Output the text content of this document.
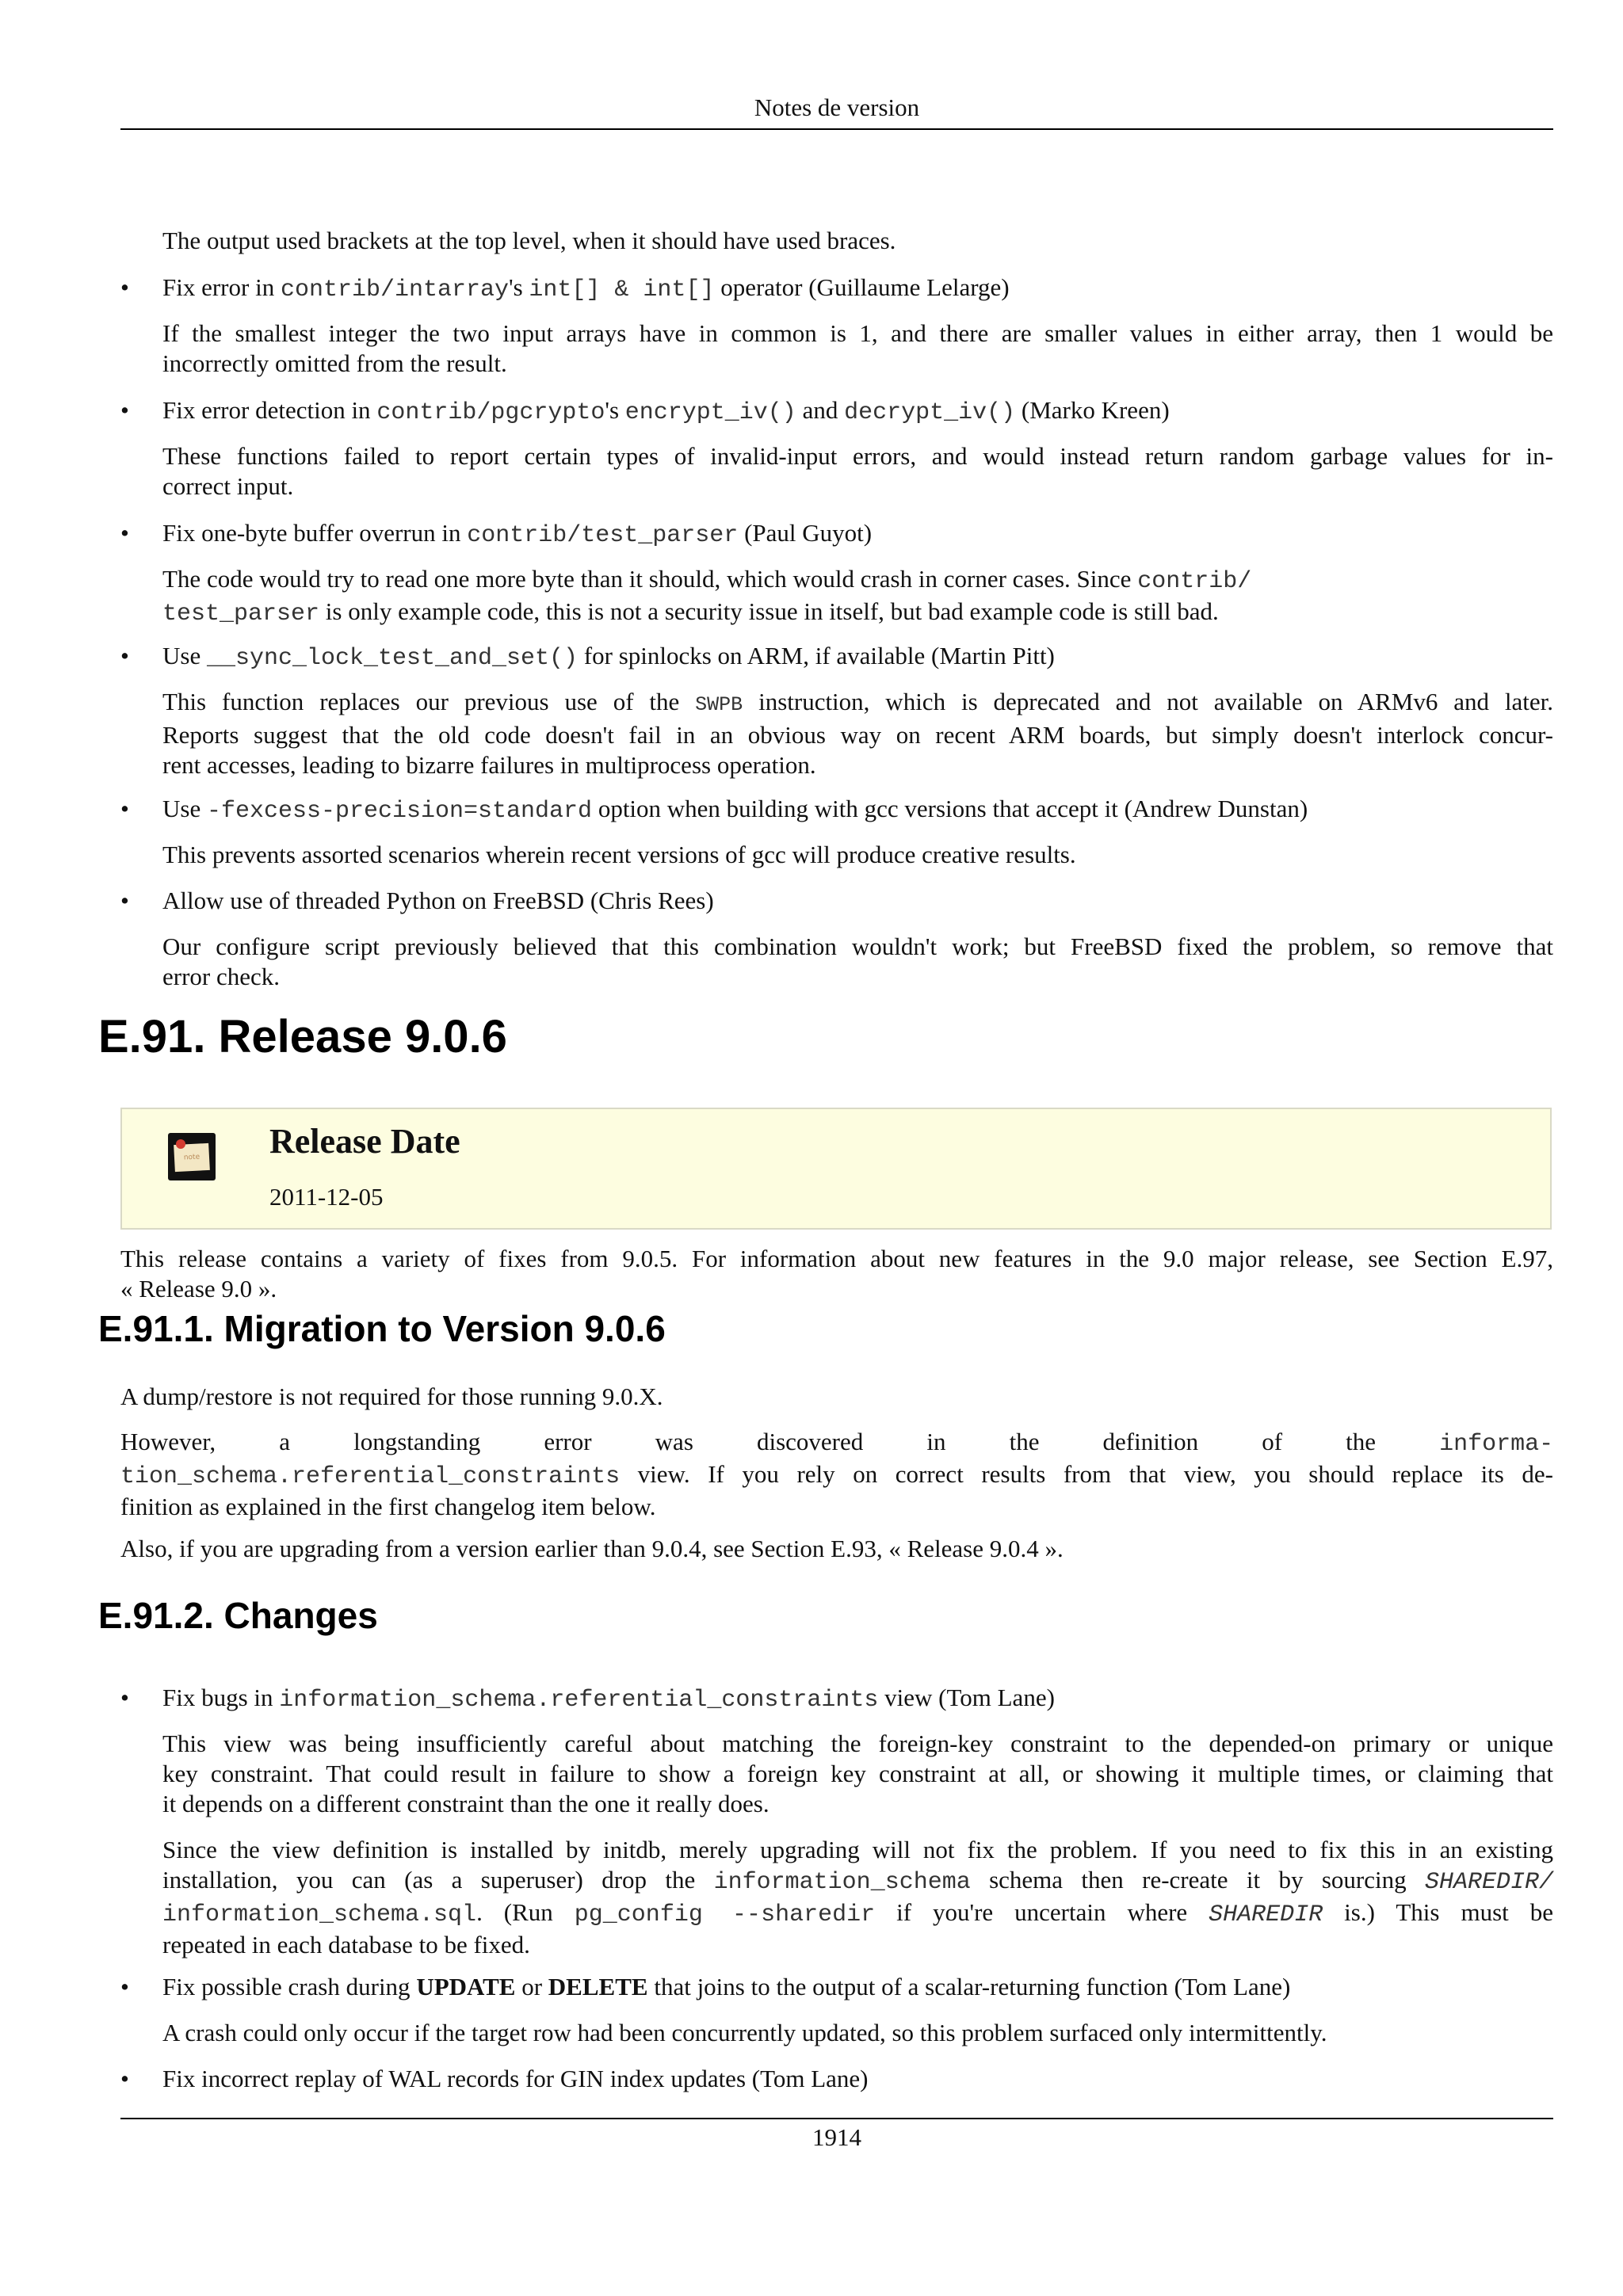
Notes de version

The output used brackets at the top level, when it should have used braces.

•	Fix error in contrib/intarray's int[] & int[] operator (Guillaume Lelarge)
If the smallest integer the two input arrays have in common is 1, and there are smaller values in either array, then 1 would be
incorrectly omitted from the result.
•	Fix error detection in contrib/pgcrypto's encrypt_iv() and decrypt_iv() (Marko Kreen)
These functions failed to report certain types of invalid-input errors, and would instead return random garbage values for in-
correct input.
•	Fix one-byte buffer overrun in contrib/test_parser (Paul Guyot)
The code would try to read one more byte than it should, which would crash in corner cases. Since contrib/
test_parser is only example code, this is not a security issue in itself, but bad example code is still bad.
•	Use __sync_lock_test_and_set() for spinlocks on ARM, if available (Martin Pitt)
This function replaces our previous use of the SWPB instruction, which is deprecated and not available on ARMv6 and later.
Reports suggest that the old code doesn't fail in an obvious way on recent ARM boards, but simply doesn't interlock concur-
rent accesses, leading to bizarre failures in multiprocess operation.
•	Use -fexcess-precision=standard option when building with gcc versions that accept it (Andrew Dunstan)

This prevents assorted scenarios wherein recent versions of gcc will produce creative results.

•	Allow use of threaded Python on FreeBSD (Chris Rees)
Our configure script previously believed that this combination wouldn't work; but FreeBSD fixed the problem, so remove that
error check.
E.91. Release 9.0.6
note Release Date
2011-12-05
This release contains a variety of fixes from 9.0.5. For information about new features in the 9.0 major release, see Section E.97,
« Release 9.0 ».
E.91.1. Migration to Version 9.0.6

A dump/restore is not required for those running 9.0.X.

However,	a	longstanding	error	was	discovered	in	the	definition	of	the	informa-
tion_schema.referential_constraints view. If you rely on correct results from that view, you should replace its de-
finition as explained in the first changelog item below.

Also, if you are upgrading from a version earlier than 9.0.4, see Section E.93, « Release 9.0.4 ».

E.91.2. Changes
•	Fix bugs in information_schema.referential_constraints view (Tom Lane)
This view was being insufficiently careful about matching the foreign-key constraint to the depended-on primary or unique
key constraint. That could result in failure to show a foreign key constraint at all, or showing it multiple times, or claiming that
it depends on a different constraint than the one it really does.
Since the view definition is installed by initdb, merely upgrading will not fix the problem. If you need to fix this in an existing
installation, you can (as a superuser) drop the information_schema schema then re-create it by sourcing SHAREDIR/
information_schema.sql. (Run pg_config --sharedir if you're uncertain where SHAREDIR is.) This must be
repeated in each database to be fixed.
•	Fix possible crash during UPDATE or DELETE that joins to the output of a scalar-returning function (Tom Lane)

A crash could only occur if the target row had been concurrently updated, so this problem surfaced only intermittently.

•	Fix incorrect replay of WAL records for GIN index updates (Tom Lane)
1914
